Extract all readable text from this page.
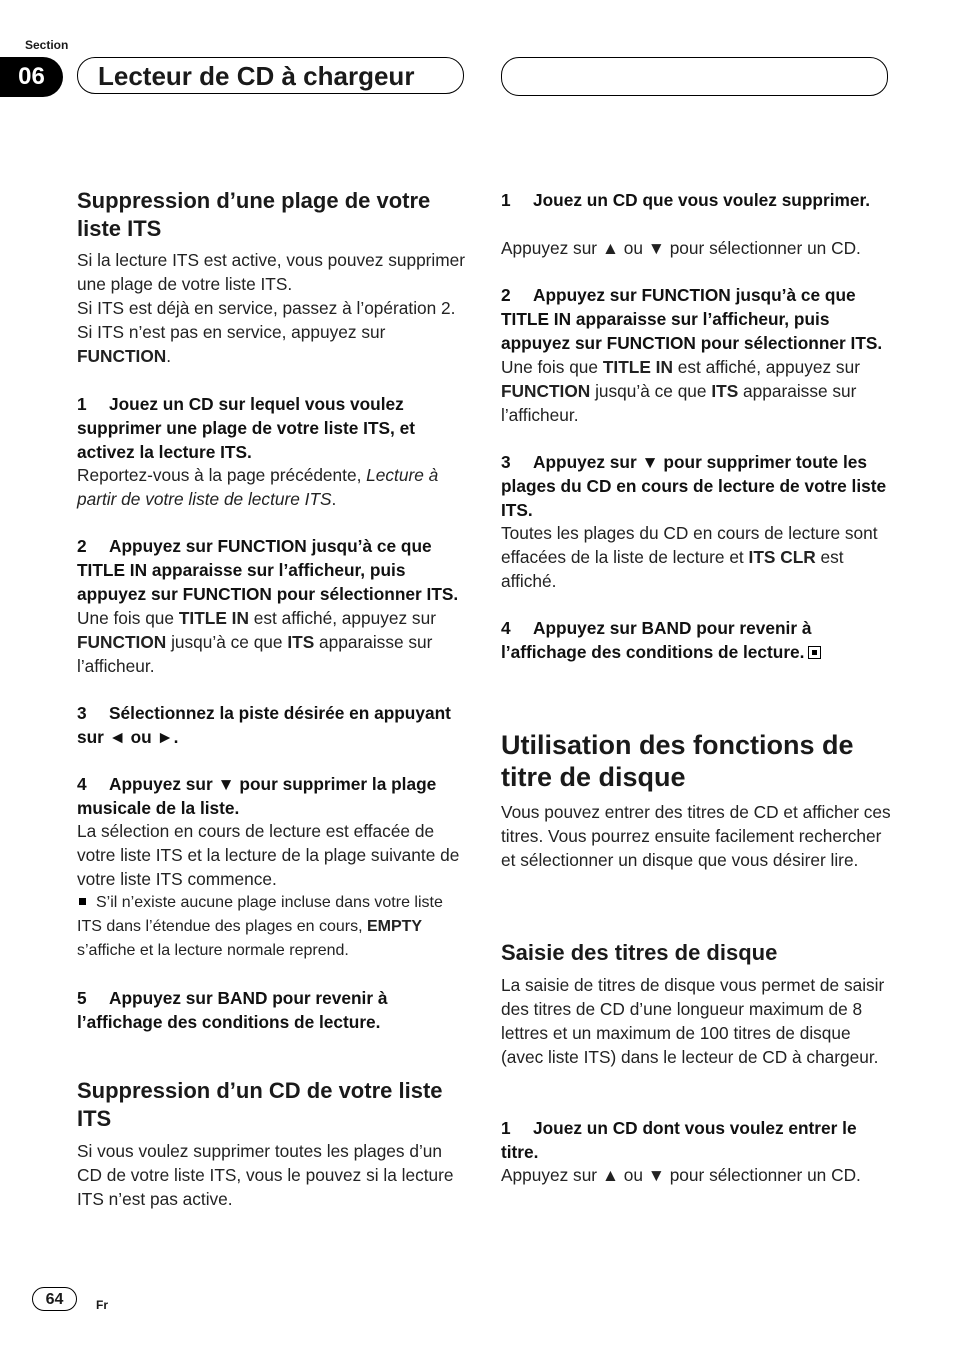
Section
06	Lecteur de CD à chargeur
Suppression d’une plage de votre liste ITS

Si la lecture ITS est active, vous pouvez supprimer une plage de votre liste ITS.

Si ITS est déjà en service, passez à l’opération 2. Si ITS n’est pas en service, appuyez sur FUNCTION.

1 Jouez un CD sur lequel vous voulez supprimer une plage de votre liste ITS, et activez la lecture ITS.

Reportez-vous à la page précédente, Lecture à partir de votre liste de lecture ITS.

2 Appuyez sur FUNCTION jusqu’à ce que TITLE IN apparaisse sur l’afficheur, puis appuyez sur FUNCTION pour sélectionner ITS.

Une fois que TITLE IN est affiché, appuyez sur FUNCTION jusqu’à ce que ITS apparaisse sur l’afficheur.

3 Sélectionnez la piste désirée en appuyant sur ◄ ou ►.

4 Appuyez sur ▼ pour supprimer la plage musicale de la liste.

La sélection en cours de lecture est effacée de votre liste ITS et la lecture de la plage suivante de votre liste ITS commence.

S’il n’existe aucune plage incluse dans votre liste ITS dans l’étendue des plages en cours, EMPTY s’affiche et la lecture normale reprend.

5 Appuyez sur BAND pour revenir à l’affichage des conditions de lecture.

Suppression d’un CD de votre liste ITS

Si vous voulez supprimer toutes les plages d’un CD de votre liste ITS, vous le pouvez si la lecture ITS n’est pas active.

1 Jouez un CD que vous voulez supprimer.

Appuyez sur ▲ ou ▼ pour sélectionner un CD.

2 Appuyez sur FUNCTION jusqu’à ce que TITLE IN apparaisse sur l’afficheur, puis appuyez sur FUNCTION pour sélectionner ITS.

Une fois que TITLE IN est affiché, appuyez sur FUNCTION jusqu’à ce que ITS apparaisse sur l’afficheur.

3 Appuyez sur ▼ pour supprimer toute les plages du CD en cours de lecture de votre liste ITS.

Toutes les plages du CD en cours de lecture sont effacées de la liste de lecture et ITS CLR est affiché.

4 Appuyez sur BAND pour revenir à l’affichage des conditions de lecture.

Utilisation des fonctions de titre de disque

Vous pouvez entrer des titres de CD et afficher ces titres. Vous pourrez ensuite facilement rechercher et sélectionner un disque que vous désirer lire.

Saisie des titres de disque

La saisie de titres de disque vous permet de saisir des titres de CD d’une longueur maximum de 8 lettres et un maximum de 100 titres de disque (avec liste ITS) dans le lecteur de CD à chargeur.

1 Jouez un CD dont vous voulez entrer le titre.

Appuyez sur ▲ ou ▼ pour sélectionner un CD.

64	Fr
